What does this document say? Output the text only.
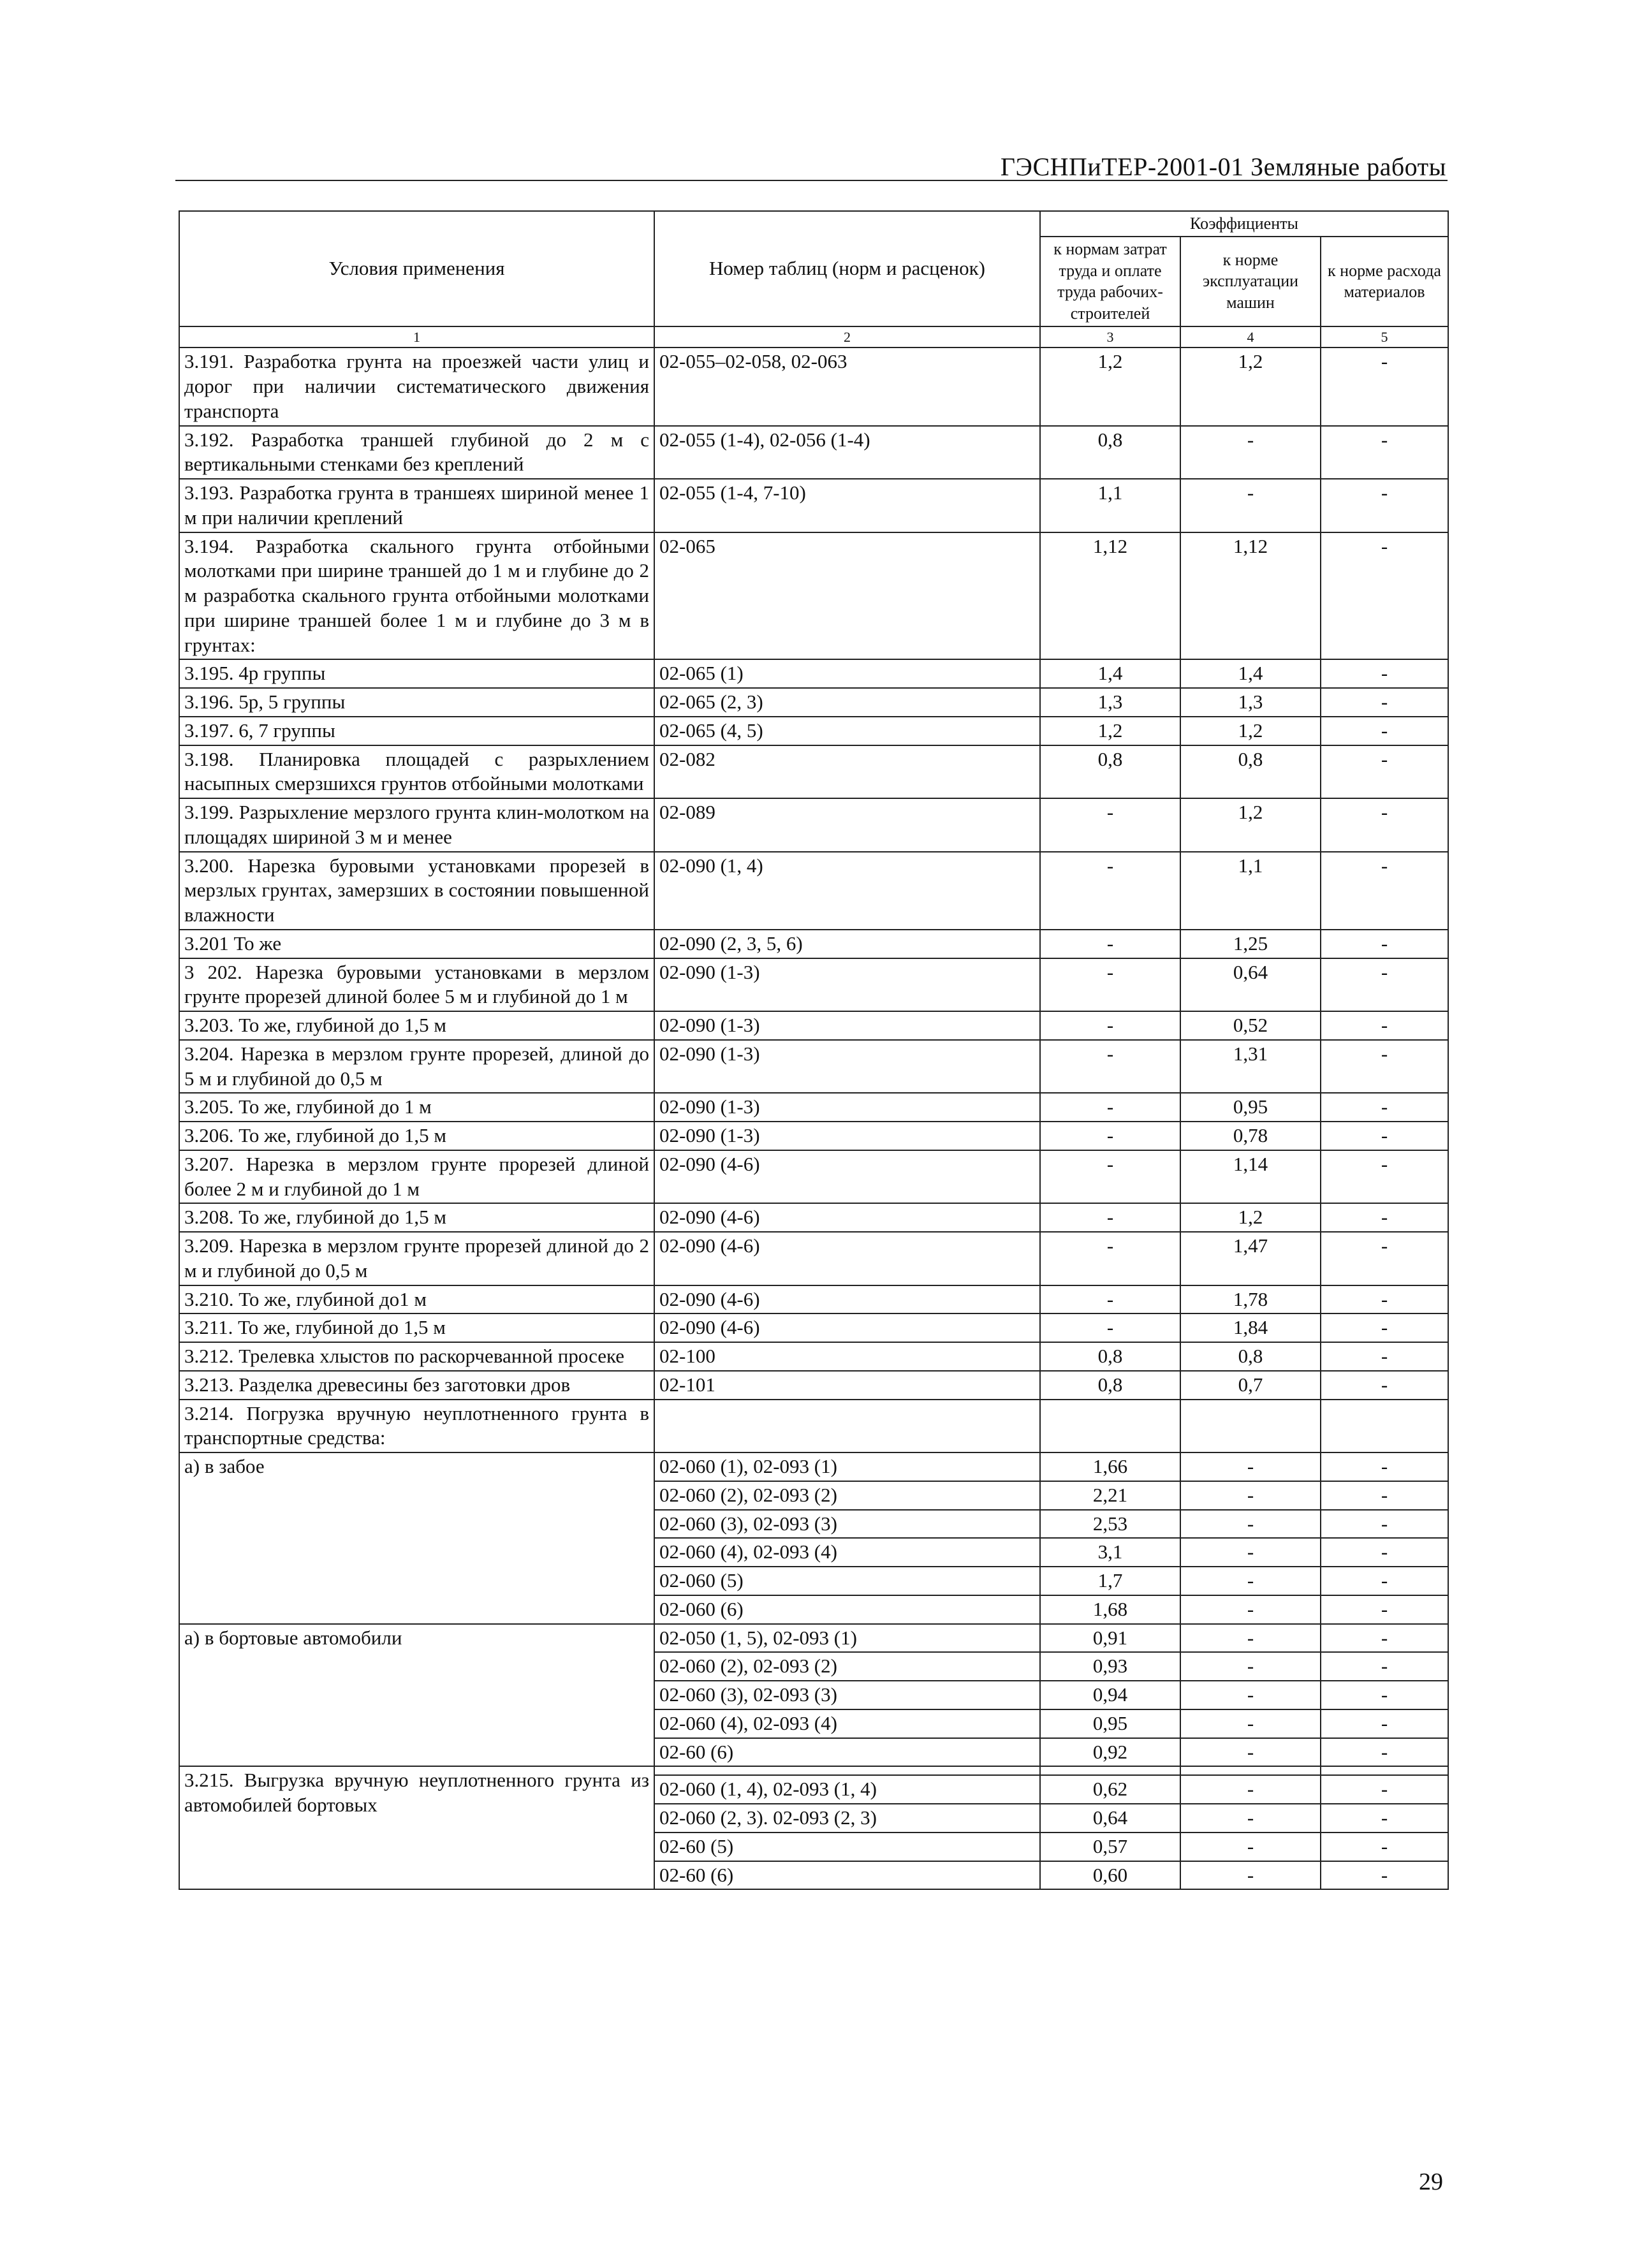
ГЭСНПиТЕР-2001-01 Земляные работы
Условия применения	Номер таблиц (норм и расценок)	Коэффициенты		
		к нормам затрат труда и оплате труда рабочих-строителей	к норме эксплуатации машин	к норме расхода материалов
1	2	3	4	5
3.191. Разработка грунта на проезжей части улиц и дорог при наличии систематического движения транспорта	02-055–02-058, 02-063	1,2	1,2	-
3.192. Разработка траншей глубиной до 2 м с вертикальными стенками без креплений	02-055 (1-4), 02-056 (1-4)	0,8	-	-
3.193. Разработка грунта в траншеях шириной менее 1 м при наличии креплений	02-055 (1-4, 7-10)	1,1	-	-
3.194. Разработка скального грунта отбойными молотками при ширине траншей до 1 м и глубине до 2 м разработка скального грунта отбойными молотками при ширине траншей более 1 м и глубине до 3 м в грунтах:	02-065	1,12	1,12	-
3.195. 4р группы	02-065 (1)	1,4	1,4	-
3.196. 5р, 5 группы	02-065 (2, 3)	1,3	1,3	-
3.197. 6, 7 группы	02-065 (4, 5)	1,2	1,2	-
3.198. Планировка площадей с разрыхлением насыпных смерзшихся грунтов отбойными молотками	02-082	0,8	0,8	-
3.199. Разрыхление мерзлого грунта клин-молотком на площадях шириной 3 м и менее	02-089	-	1,2	-
3.200. Нарезка буровыми установками прорезей в мерзлых грунтах, замерзших в состоянии повышенной влажности	02-090 (1, 4)	-	1,1	-
3.201 То же	02-090 (2, 3, 5, 6)	-	1,25	-
3 202. Нарезка буровыми установками в мерзлом грунте прорезей длиной более 5 м и глубиной до 1 м	02-090 (1-3)	-	0,64	-
3.203. То же, глубиной до 1,5 м	02-090 (1-3)	-	0,52	-
3.204. Нарезка в мерзлом грунте прорезей, длиной до 5 м и глубиной до 0,5 м	02-090 (1-3)	-	1,31	-
3.205. То же, глубиной до 1 м	02-090 (1-3)	-	0,95	-
3.206. То же, глубиной до 1,5 м	02-090 (1-3)	-	0,78	-
3.207. Нарезка в мерзлом грунте прорезей длиной более 2 м и глубиной до 1 м	02-090 (4-6)	-	1,14	-
3.208. То же, глубиной до 1,5 м	02-090 (4-6)	-	1,2	-
3.209. Нарезка в мерзлом грунте прорезей длиной до 2 м и глубиной до 0,5 м	02-090 (4-6)	-	1,47	-
3.210. То же, глубиной до1 м	02-090 (4-6)	-	1,78	-
3.211. То же, глубиной до 1,5 м	02-090 (4-6)	-	1,84	-
3.212. Трелевка хлыстов по раскорчеванной просеке	02-100	0,8	0,8	-
3.213. Разделка древесины без заготовки дров	02-101	0,8	0,7	-
3.214. Погрузка вручную неуплотненного грунта в транспортные средства:				
а) в забое	02-060 (1), 02-093 (1)	1,66	-	-
	02-060 (2), 02-093 (2)	2,21	-	-
	02-060 (3), 02-093 (3)	2,53	-	-
	02-060 (4), 02-093 (4)	3,1	-	-
	02-060 (5)	1,7	-	-
	02-060 (6)	1,68	-	-
а) в бортовые автомобили	02-050 (1, 5), 02-093 (1)	0,91	-	-
	02-060 (2), 02-093 (2)	0,93	-	-
	02-060 (3), 02-093 (3)	0,94	-	-
	02-060 (4), 02-093 (4)	0,95	-	-
	02-60 (6)	0,92	-	-
3.215. Выгрузка вручную неуплотненного грунта из автомобилей бортовых				
	02-060 (1, 4), 02-093 (1, 4)	0,62	-	-
	02-060 (2, 3). 02-093 (2, 3)	0,64	-	-
	02-60 (5)	0,57	-	-
	02-60 (6)	0,60	-	-
29
